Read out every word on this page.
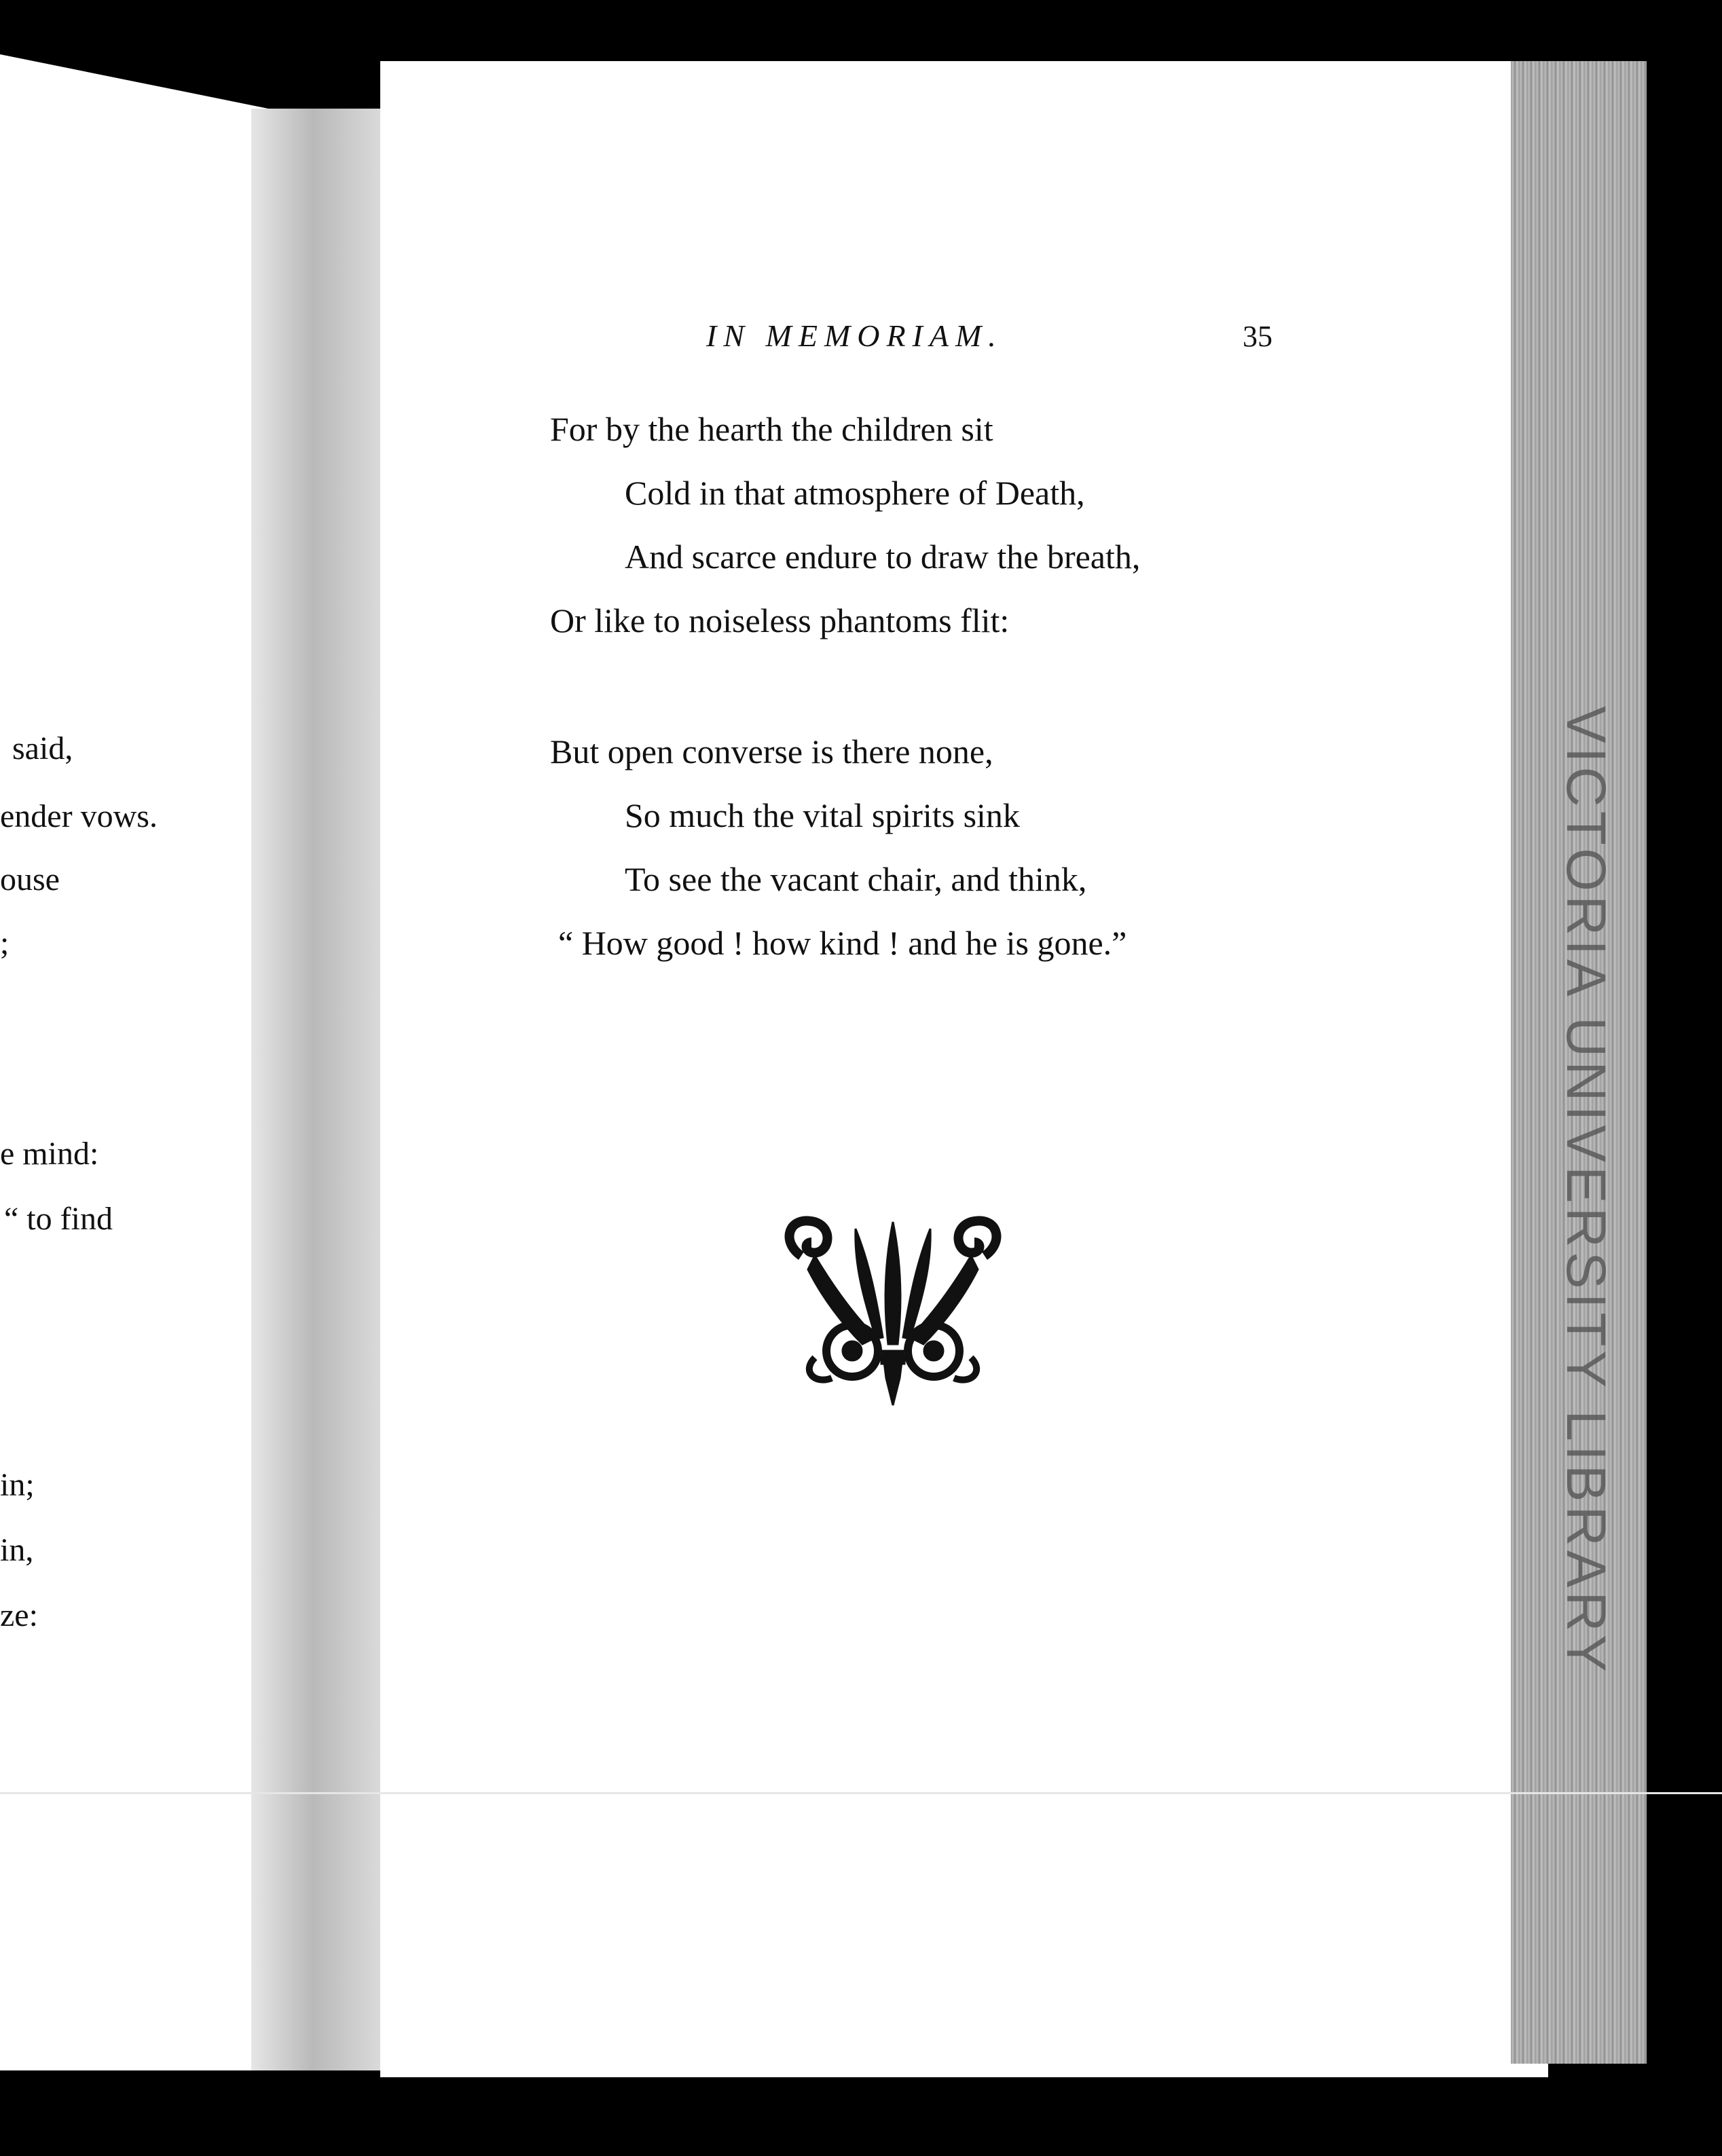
said,
ender vows.
ouse
;
e mind:
“ to find
in;
in,
ze:
IN MEMORIAM.	35
For by the hearth the children sit
Cold in that atmosphere of Death,
And scarce endure to draw the breath,
Or like to noiseless phantoms flit:
But open converse is there none,
So much the vital spirits sink
To see the vacant chair, and think,
“ How good ! how kind ! and he is gone.”	VICTORIA UNIVERSITY LIBRARY
